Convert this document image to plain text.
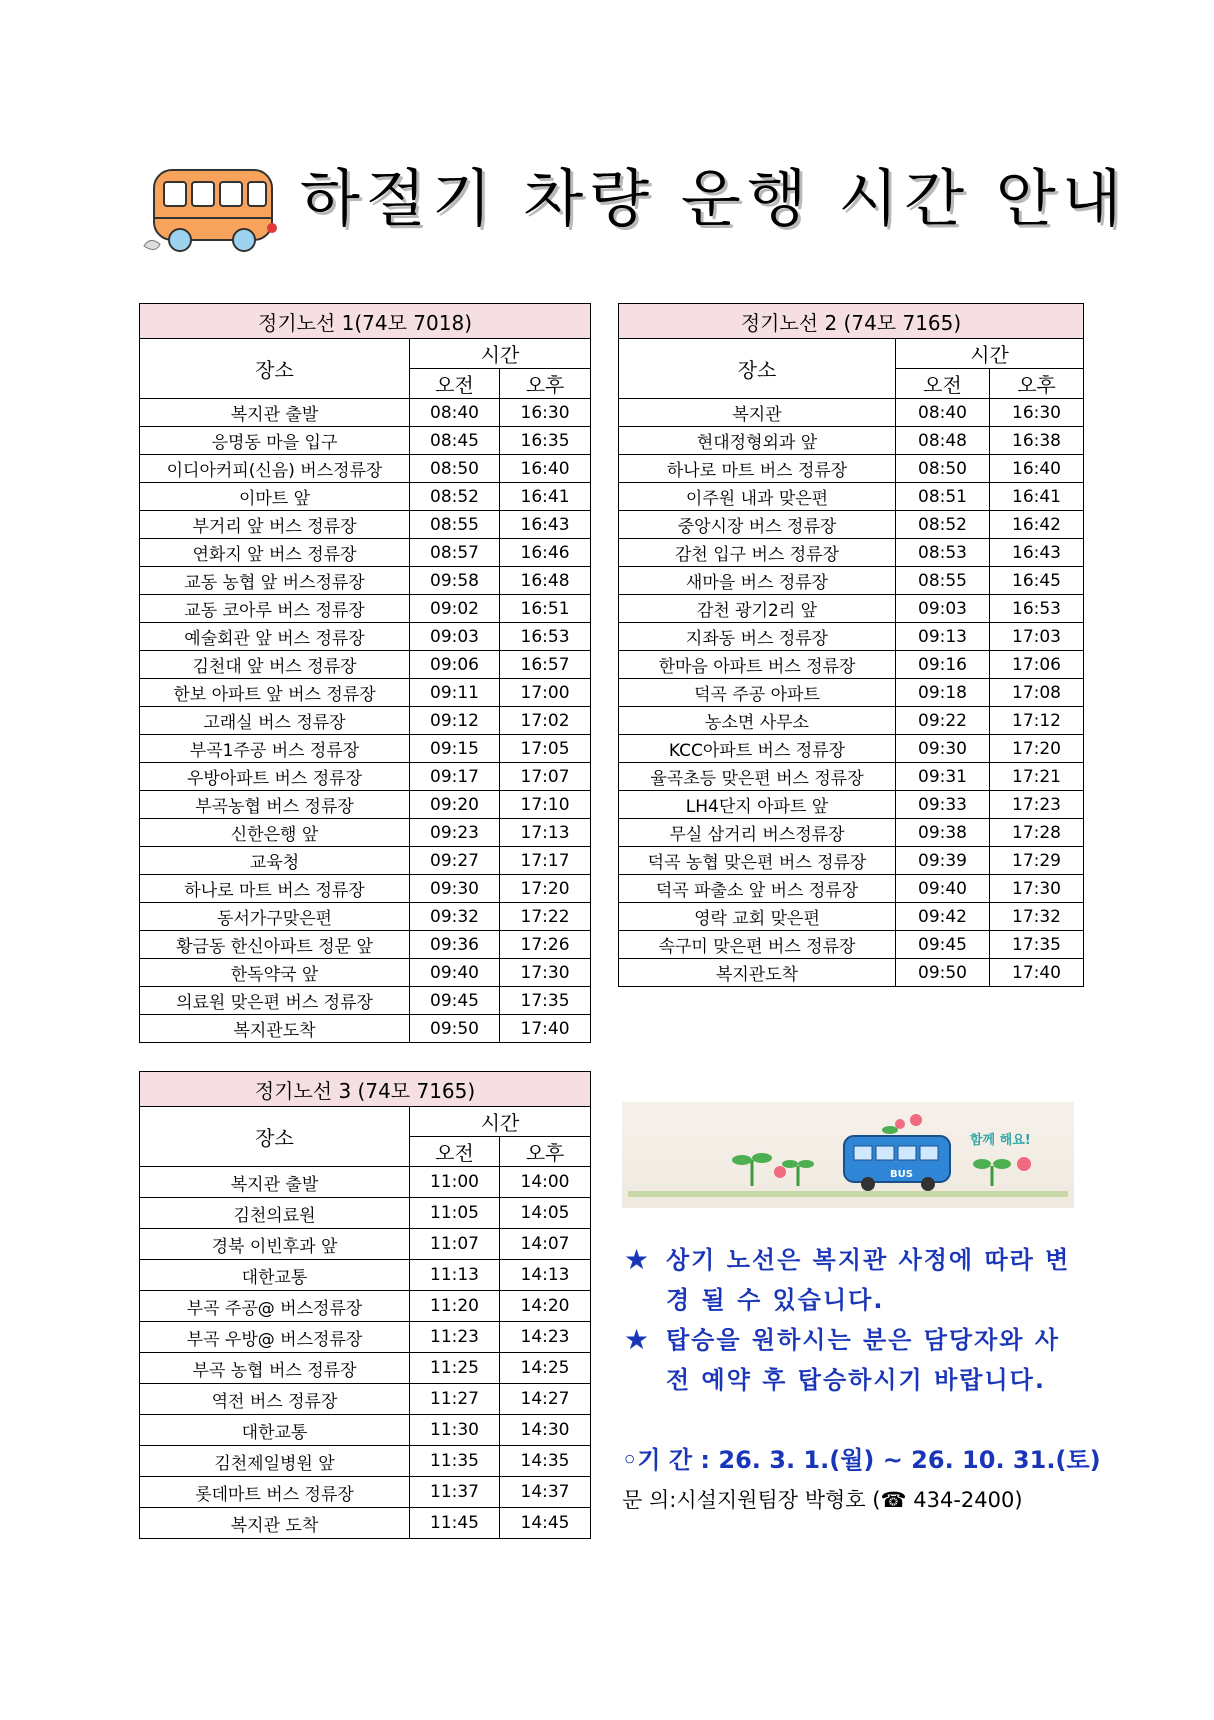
하절기 차량 운행 시간 안내
정기노선 1(74모 7018)		
장소	시간	
	오전	오후
복지관 출발	08:40	16:30
응명동 마을 입구	08:45	16:35
이디아커피(신음) 버스정류장	08:50	16:40
이마트 앞	08:52	16:41
부거리 앞 버스 정류장	08:55	16:43
연화지 앞 버스 정류장	08:57	16:46
교동 농협 앞 버스정류장	09:58	16:48
교동 코아루 버스 정류장	09:02	16:51
예술회관 앞 버스 정류장	09:03	16:53
김천대 앞 버스 정류장	09:06	16:57
한보 아파트 앞 버스 정류장	09:11	17:00
고래실 버스 정류장	09:12	17:02
부곡1주공 버스 정류장	09:15	17:05
우방아파트 버스 정류장	09:17	17:07
부곡농협 버스 정류장	09:20	17:10
신한은행 앞	09:23	17:13
교육청	09:27	17:17
하나로 마트 버스 정류장	09:30	17:20
동서가구맞은편	09:32	17:22
황금동 한신아파트 정문 앞	09:36	17:26
한독약국 앞	09:40	17:30
의료원 맞은편 버스 정류장	09:45	17:35
복지관도착	09:50	17:40
정기노선 2 (74모 7165)		
장소	시간	
	오전	오후
복지관	08:40	16:30
현대정형외과 앞	08:48	16:38
하나로 마트 버스 정류장	08:50	16:40
이주원 내과 맞은편	08:51	16:41
중앙시장 버스 정류장	08:52	16:42
감천 입구 버스 정류장	08:53	16:43
새마을 버스 정류장	08:55	16:45
감천 광기2리 앞	09:03	16:53
지좌동 버스 정류장	09:13	17:03
한마음 아파트 버스 정류장	09:16	17:06
덕곡 주공 아파트	09:18	17:08
농소면 사무소	09:22	17:12
KCC아파트 버스 정류장	09:30	17:20
율곡초등 맞은편 버스 정류장	09:31	17:21
LH4단지 아파트 앞	09:33	17:23
무실 삼거리 버스정류장	09:38	17:28
덕곡 농협 맞은편 버스 정류장	09:39	17:29
덕곡 파출소 앞 버스 정류장	09:40	17:30
영락 교회 맞은편	09:42	17:32
속구미 맞은편 버스 정류장	09:45	17:35
복지관도착	09:50	17:40
정기노선 3 (74모 7165)		
장소	시간	
	오전	오후
복지관 출발	11:00	14:00
김천의료원	11:05	14:05
경북 이빈후과 앞	11:07	14:07
대한교통	11:13	14:13
부곡 주공@ 버스정류장	11:20	14:20
부곡 우방@ 버스정류장	11:23	14:23
부곡 농협 버스 정류장	11:25	14:25
역전 버스 정류장	11:27	14:27
대한교통	11:30	14:30
김천제일병원 앞	11:35	14:35
롯데마트 버스 정류장	11:37	14:37
복지관 도착	11:45	14:45
BUS
함께 해요!
★ 상기 노선은 복지관 사정에 따라 변경 될 수 있습니다.
★ 탑승을 원하시는 분은 담당자와 사전 예약 후 탑승하시기 바랍니다.
◦기 간 : 26. 3. 1.(월) ~ 26. 10. 31.(토)
문 의:시설지원팀장 박형호 (☎ 434-2400)
